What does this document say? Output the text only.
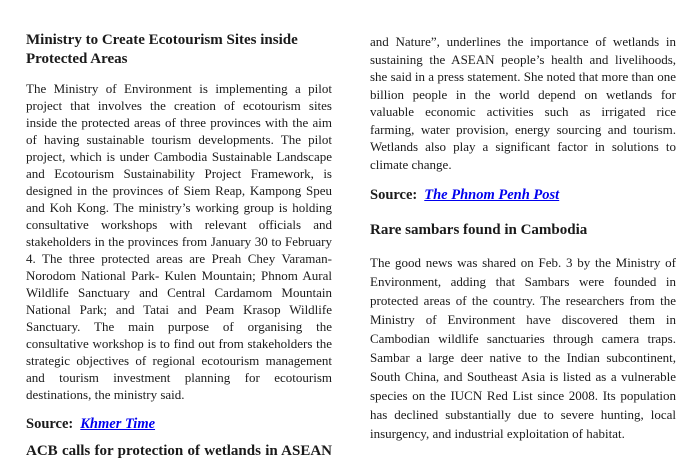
Ministry to Create Ecotourism Sites inside Protected Areas

The Ministry of Environment is implementing a pilot project that involves the creation of ecotourism sites inside the protected areas of three provinces with the aim of having sustainable tourism developments. The pilot project, which is under Cambodia Sustainable Landscape and Ecotourism Sustainability Project Framework, is designed in the provinces of Siem Reap, Kampong Speu and Koh Kong. The ministry’s working group is holding consultative workshops with relevant officials and stakeholders in the provinces from January 30 to February 4. The three protected areas are Preah Chey Varaman- Norodom National Park- Kulen Mountain; Phnom Aural Wildlife Sanctuary and Central Cardamom Mountain National Park; and Tatai and Peam Krasop Wildlife Sanctuary. The main purpose of organising the consultative workshop is to find out from stakeholders the strategic objectives of regional ecotourism management and tourism investment planning for ecotourism destinations, the ministry said.

Source: Khmer Time

ACB calls for protection of wetlands in ASEAN

and Nature”, underlines the importance of wetlands in sustaining the ASEAN people’s health and livelihoods, she said in a press statement. She noted that more than one billion people in the world depend on wetlands for valuable economic activities such as irrigated rice farming, water provision, energy sourcing and tourism. Wetlands also play a significant factor in solutions to climate change.

Source: The Phnom Penh Post

Rare sambars found in Cambodia

The good news was shared on Feb. 3 by the Ministry of Environment, adding that Sambars were founded in protected areas of the country. The researchers from the Ministry of Environment have discovered them in Cambodian wildlife sanctuaries through camera traps. Sambar a large deer native to the Indian subcontinent, South China, and Southeast Asia is listed as a vulnerable species on the IUCN Red List since 2008. Its population has declined substantially due to severe hunting, local insurgency, and industrial exploitation of habitat.
